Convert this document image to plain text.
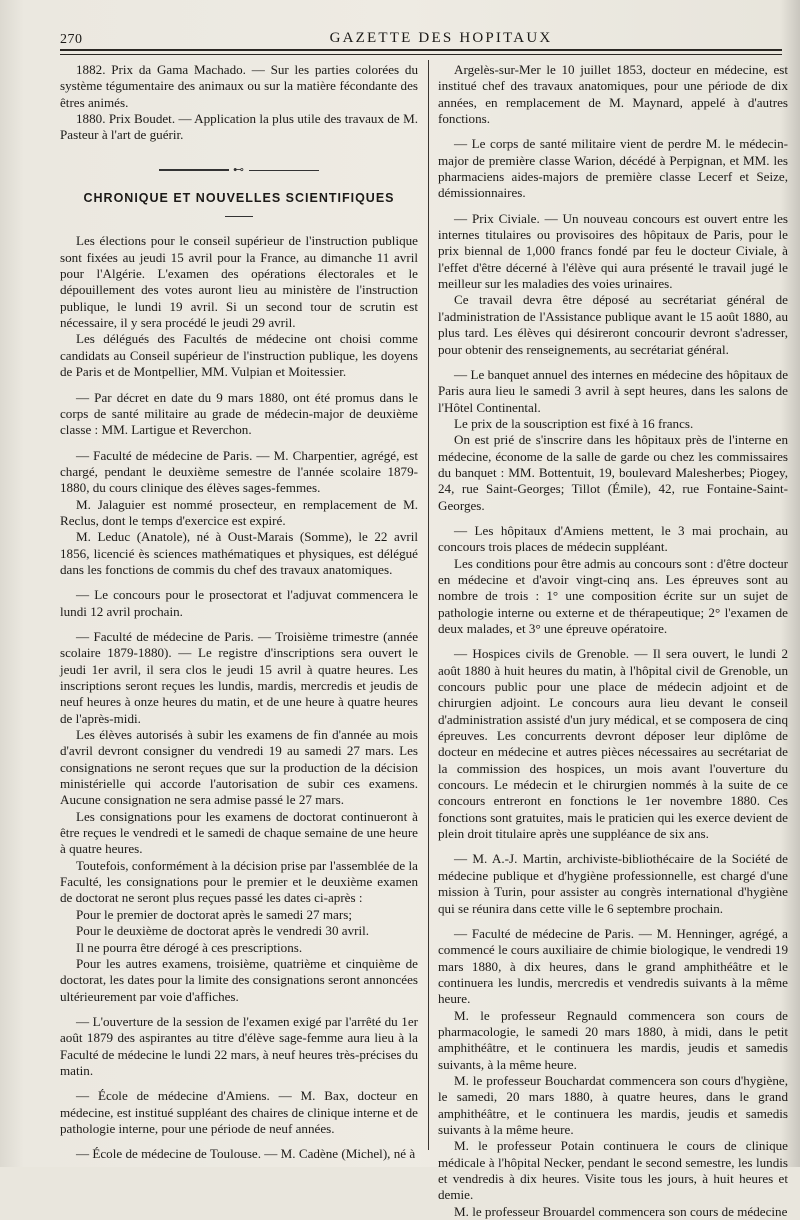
270	GAZETTE DES HOPITAUX

1882. Prix da Gama Machado. — Sur les parties colorées du système tégumentaire des animaux ou sur la matière fécondante des êtres animés.

1880. Prix Boudet. — Application la plus utile des travaux de M. Pasteur à l'art de guérir.

⊷
CHRONIQUE ET NOUVELLES SCIENTIFIQUES

Les élections pour le conseil supérieur de l'instruction publique sont fixées au jeudi 15 avril pour la France, au dimanche 11 avril pour l'Algérie. L'examen des opérations électorales et le dépouillement des votes auront lieu au ministère de l'instruction publique, le lundi 19 avril. Si un second tour de scrutin est nécessaire, il y sera procédé le jeudi 29 avril.

Les délégués des Facultés de médecine ont choisi comme candidats au Conseil supérieur de l'instruction publique, les doyens de Paris et de Montpellier, MM. Vulpian et Moitessier.

— Par décret en date du 9 mars 1880, ont été promus dans le corps de santé militaire au grade de médecin-major de deuxième classe : MM. Lartigue et Reverchon.

— Faculté de médecine de Paris. — M. Charpentier, agrégé, est chargé, pendant le deuxième semestre de l'année scolaire 1879-1880, du cours clinique des élèves sages-femmes.

M. Jalaguier est nommé prosecteur, en remplacement de M. Reclus, dont le temps d'exercice est expiré.

M. Leduc (Anatole), né à Oust-Marais (Somme), le 22 avril 1856, licencié ès sciences mathématiques et physiques, est délégué dans les fonctions de commis du chef des travaux anatomiques.

— Le concours pour le prosectorat et l'adjuvat commencera le lundi 12 avril prochain.

— Faculté de médecine de Paris. — Troisième trimestre (année scolaire 1879-1880). — Le registre d'inscriptions sera ouvert le jeudi 1er avril, il sera clos le jeudi 15 avril à quatre heures. Les inscriptions seront reçues les lundis, mardis, mercredis et jeudis de neuf heures à onze heures du matin, et de une heure à quatre heures de l'après-midi.

Les élèves autorisés à subir les examens de fin d'année au mois d'avril devront consigner du vendredi 19 au samedi 27 mars. Les consignations ne seront reçues que sur la production de la décision ministérielle qui accorde l'autorisation de subir ces examens. Aucune consignation ne sera admise passé le 27 mars.

Les consignations pour les examens de doctorat continueront à être reçues le vendredi et le samedi de chaque semaine de une heure à quatre heures.

Toutefois, conformément à la décision prise par l'assemblée de la Faculté, les consignations pour le premier et le deuxième examen de doctorat ne seront plus reçues passé les dates ci-après :

Pour le premier de doctorat après le samedi 27 mars;

Pour le deuxième de doctorat après le vendredi 30 avril.

Il ne pourra être dérogé à ces prescriptions.

Pour les autres examens, troisième, quatrième et cinquième de doctorat, les dates pour la limite des consignations seront annoncées ultérieurement par voie d'affiches.

— L'ouverture de la session de l'examen exigé par l'arrêté du 1er août 1879 des aspirantes au titre d'élève sage-femme aura lieu à la Faculté de médecine le lundi 22 mars, à neuf heures très-précises du matin.

— École de médecine d'Amiens. — M. Bax, docteur en médecine, est institué suppléant des chaires de clinique interne et de pathologie interne, pour une période de neuf années.

— École de médecine de Toulouse. — M. Cadène (Michel), né à

Argelès-sur-Mer le 10 juillet 1853, docteur en médecine, est institué chef des travaux anatomiques, pour une période de dix années, en remplacement de M. Maynard, appelé à d'autres fonctions.

— Le corps de santé militaire vient de perdre M. le médecin-major de première classe Warion, décédé à Perpignan, et MM. les pharmaciens aides-majors de première classe Lecerf et Seize, démissionnaires.

— Prix Civiale. — Un nouveau concours est ouvert entre les internes titulaires ou provisoires des hôpitaux de Paris, pour le prix biennal de 1,000 francs fondé par feu le docteur Civiale, à l'effet d'être décerné à l'élève qui aura présenté le travail jugé le meilleur sur les maladies des voies urinaires.

Ce travail devra être déposé au secrétariat général de l'administration de l'Assistance publique avant le 15 août 1880, au plus tard. Les élèves qui désireront concourir devront s'adresser, pour obtenir des renseignements, au secrétariat général.

— Le banquet annuel des internes en médecine des hôpitaux de Paris aura lieu le samedi 3 avril à sept heures, dans les salons de l'Hôtel Continental.

Le prix de la souscription est fixé à 16 francs.

On est prié de s'inscrire dans les hôpitaux près de l'interne en médecine, économe de la salle de garde ou chez les commissaires du banquet : MM. Bottentuit, 19, boulevard Malesherbes; Piogey, 24, rue Saint-Georges; Tillot (Émile), 42, rue Fontaine-Saint-Georges.

— Les hôpitaux d'Amiens mettent, le 3 mai prochain, au concours trois places de médecin suppléant.

Les conditions pour être admis au concours sont : d'être docteur en médecine et d'avoir vingt-cinq ans. Les épreuves sont au nombre de trois : 1° une composition écrite sur un sujet de pathologie interne ou externe et de thérapeutique; 2° l'examen de deux malades, et 3° une épreuve opératoire.

— Hospices civils de Grenoble. — Il sera ouvert, le lundi 2 août 1880 à huit heures du matin, à l'hôpital civil de Grenoble, un concours public pour une place de médecin adjoint et de chirurgien adjoint. Le concours aura lieu devant le conseil d'administration assisté d'un jury médical, et se composera de cinq épreuves. Les concurrents devront déposer leur diplôme de docteur en médecine et autres pièces nécessaires au secrétariat de la commission des hospices, un mois avant l'ouverture du concours. Le médecin et le chirurgien nommés à la suite de ce concours entreront en fonctions le 1er novembre 1880. Ces fonctions sont gratuites, mais le praticien qui les exerce devient de plein droit titulaire après une suppléance de six ans.

— M. A.-J. Martin, archiviste-bibliothécaire de la Société de médecine publique et d'hygiène professionnelle, est chargé d'une mission à Turin, pour assister au congrès international d'hygiène qui se réunira dans cette ville le 6 septembre prochain.

— Faculté de médecine de Paris. — M. Henninger, agrégé, a commencé le cours auxiliaire de chimie biologique, le vendredi 19 mars 1880, à dix heures, dans le grand amphithéâtre et le continuera les lundis, mercredis et vendredis suivants à la même heure.

M. le professeur Regnauld commencera son cours de pharmacologie, le samedi 20 mars 1880, à midi, dans le petit amphithéâtre, et le continuera les mardis, jeudis et samedis suivants, à la même heure.

M. le professeur Bouchardat commencera son cours d'hygiène, le samedi, 20 mars 1880, à quatre heures, dans le grand amphithéâtre, et le continuera les mardis, jeudis et samedis suivants à la même heure.

M. le professeur Potain continuera le cours de clinique médicale à l'hôpital Necker, pendant le second semestre, les lundis et vendredis à dix heures. Visite tous les jours, à huit heures et demie.

M. le professeur Brouardel commencera son cours de médecine
